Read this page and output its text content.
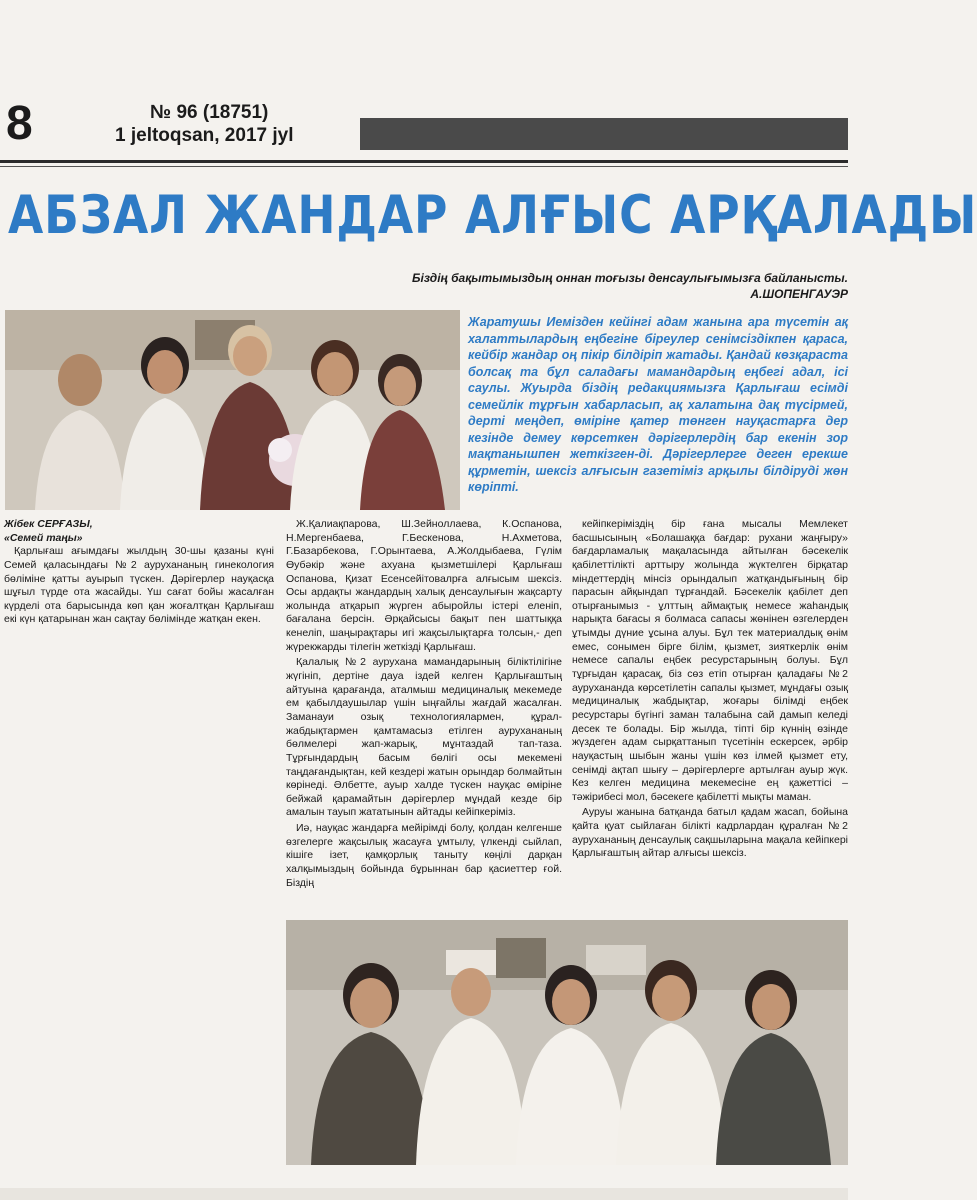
8	№ 96 (18751)
1 jeltoqsan, 2017 jyl
АБЗАЛ ЖАНДАР АЛҒЫС АРҚАЛАДЫ
Біздің бақытымыздың оннан тоғызы денсаулығымызға байланысты.
А.ШОПЕНГАУЭР
Жаратушы Иемізден кейінгі адам жанына ара түсетін ақ халаттылардың еңбегіне біреулер сенімсіздікпен қараса, кейбір жандар оң пікір білдіріп жатады. Қандай көзқараста болсақ та бұл саладағы мамандардың еңбегі адал, ісі саулы. Жуырда біздің редакциямызға Қарлығаш есімді семейлік тұрғын хабарласып, ақ халатына дақ түсірмей, дерті меңдеп, өміріне қатер төнген науқастарға дер кезінде демеу көрсеткен дәрігерлердің бар екенін зор мақтанышпен жеткізген-ді. Дәрігерлерге деген ерекше құрметін, шексіз алғысын газетіміз арқылы білдіруді жөн көріпті.
Жібек СЕРҒАЗЫ,
«Семей таңы»

Қарлығаш ағымдағы жылдың 30-шы қазаны күні Семей қаласындағы №2 аурухананың гинекология бөлiміне қатты ауырып түскен. Дәрігерлер науқасқа шұғыл түрде ота жасайды. Үш сағат бойы жасалған күрделі ота барысында көп қан жоғалтқан Қарлығаш екі күн қатарынан жан сақтау бөлімінде жатқан екен.

Ж.Қалиақпарова, Ш.Зейноллаева, К.Оспанова, Н.Мергенбаева, Г.Бескенова, Н.Ахметова, Г.Базарбекова, Г.Орынтаева, А.Жолдыбаева, Гүлім Өубәкір және ахуана қызметшілері Қарлығаш Оспанова, Қизат Есенсейітовалрға алғысым шексіз. Осы ардақты жандардың халық денсаулығын жақсарту жолында атқарып жүрген абыройлы істері еленіп, бағалана берсін. Әрқайсысы бақыт пен шаттыққа кенеліп, шаңырақтары игі жақсылықтарға толсын,- деп жүрекжарды тілегін жеткізді Қарлығаш.

Қалалық №2 аурухана мамандарының біліктілігіне жүгініп, дертіне дауа іздей келген Қарлығаштың айтуына қарағанда, аталмыш медициналық мекемеде ем қабылдаушылар үшін ыңғайлы жағдай жасалған. Заманауи озық технологиялармен, құрал-жабдықтармен қамтамасыз етілген аурухананың бөлмелері жап-жарық, мұнтаздай тап-таза. Тұрғындардың басым бөлігі осы мекемені таңдағандықтан, кей кездері жатын орындар болмайтын көрінеді. Әлбетте, ауыр халде түскен науқас өміріне бейжай қарамайтын дәрігерлер мұндай кезде бір амалын тауып жататынын айтады кейіпкеріміз.

Иә, науқас жандарға мейірімді болу, қолдан келгенше өзгелерге жақсылық жасауға ұмтылу, үлкенді сыйлап, кішіге ізет, қамқорлық таныту көңілі дарқан халқымыздың бойында бұрыннан бар қасиеттер ғой. Біздің

кейіпкеріміздің бір ғана мысалы Мемлекет басшысының «Болашаққа бағдар: рухани жаңғыру» бағдарламалық мақаласында айтылған бәсекелік қабілеттілікті арттыру жолында жүктелген бірқатар міндеттердің мінсіз орындалып жатқандығының бір парасын айқындап тұрғандай. Бәсекелік қабілет деп отырғанымыз - ұлттың аймақтық немесе жаһандық нарықта бағасы я болмаса сапасы жөнінен өзгелерден ұтымды дүние ұсына алуы. Бұл тек материалдық өнім емес, сонымен бірге білім, қызмет, зияткерлік өнім немесе сапалы еңбек ресурстарының болуы. Бұл тұрғыдан қарасақ, біз сөз етіп отырған қаладағы №2 аурухананда көрсетілетін сапалы қызмет, мұндағы озық медициналық жабдықтар, жоғары білімді еңбек ресурстары бүгінгі заман талабына сай дамып келеді десек те болады. Бір жылда, тіпті бір күннің өзінде жүздеген адам сырқаттанып түсетінін ескерсек, әрбір науқастың шыбын жаны үшін көз ілмей қызмет ету, сенімді ақтап шығу – дәрігерлерге артылған ауыр жүк. Кез келген медицина мекемесіне ең қажеттісі – тәжірибесі мол, бәсекеге қабілетті мықты маман.

Ауруы жанына батқанда батыл қадам жасап, бойына қайта қуат сыйлаған білікті кадрлардан құралған №2 аурухананың денсаулық сақшыларына мақала кейіпкері Қарлығаштың айтар алғысы шексіз.
